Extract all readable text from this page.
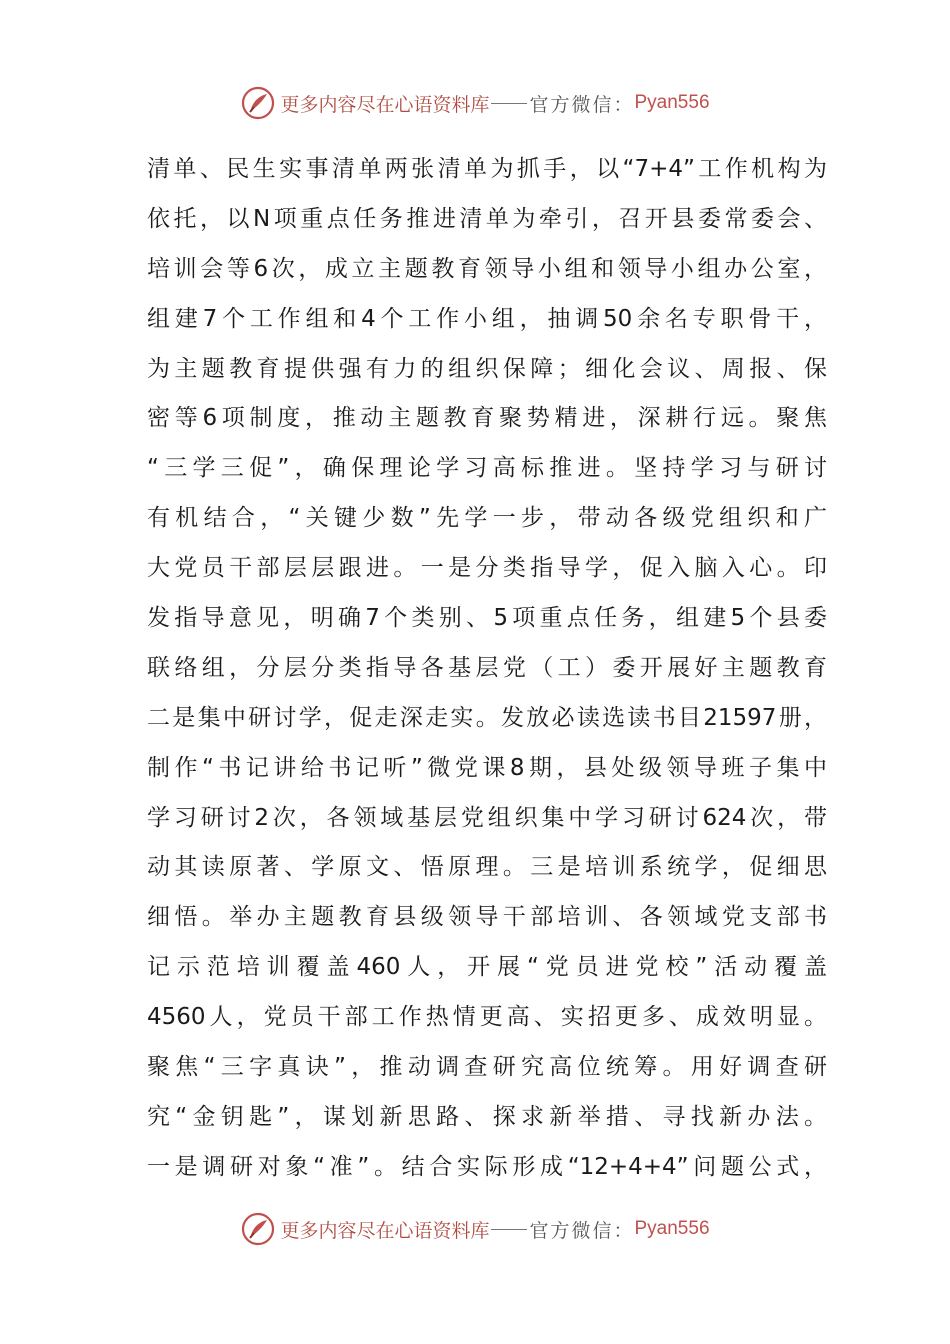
更多内容尽在心语资料库 官方微信： Pyan556
清单、民生实事清单两张清单为抓手，以“7+4”工作机构为
依托，以N项重点任务推进清单为牵引，召开县委常委会、
培训会等6次，成立主题教育领导小组和领导小组办公室，
组建7个工作组和4个工作小组，抽调50余名专职骨干，
为主题教育提供强有力的组织保障；细化会议、周报、保
密等6项制度，推动主题教育聚势精进，深耕行远。聚焦
“三学三促”，确保理论学习高标推进。坚持学习与研讨
有机结合，“关键少数”先学一步，带动各级党组织和广
大党员干部层层跟进。一是分类指导学，促入脑入心。印
发指导意见，明确7个类别、5项重点任务，组建5个县委
联络组，分层分类指导各基层党（工）委开展好主题教育
二是集中研讨学，促走深走实。发放必读选读书目21597册，
制作“书记讲给书记听”微党课8期，县处级领导班子集中
学习研讨2次，各领域基层党组织集中学习研讨624次，带
动其读原著、学原文、悟原理。三是培训系统学，促细思
细悟。举办主题教育县级领导干部培训、各领域党支部书
记示范培训覆盖460人，开展“党员进党校”活动覆盖
4560人，党员干部工作热情更高、实招更多、成效明显。
聚焦“三字真诀”，推动调查研究高位统筹。用好调查研
究“金钥匙”，谋划新思路、探求新举措、寻找新办法。
一是调研对象“准”。结合实际形成“12+4+4”问题公式，
更多内容尽在心语资料库 官方微信： Pyan556
